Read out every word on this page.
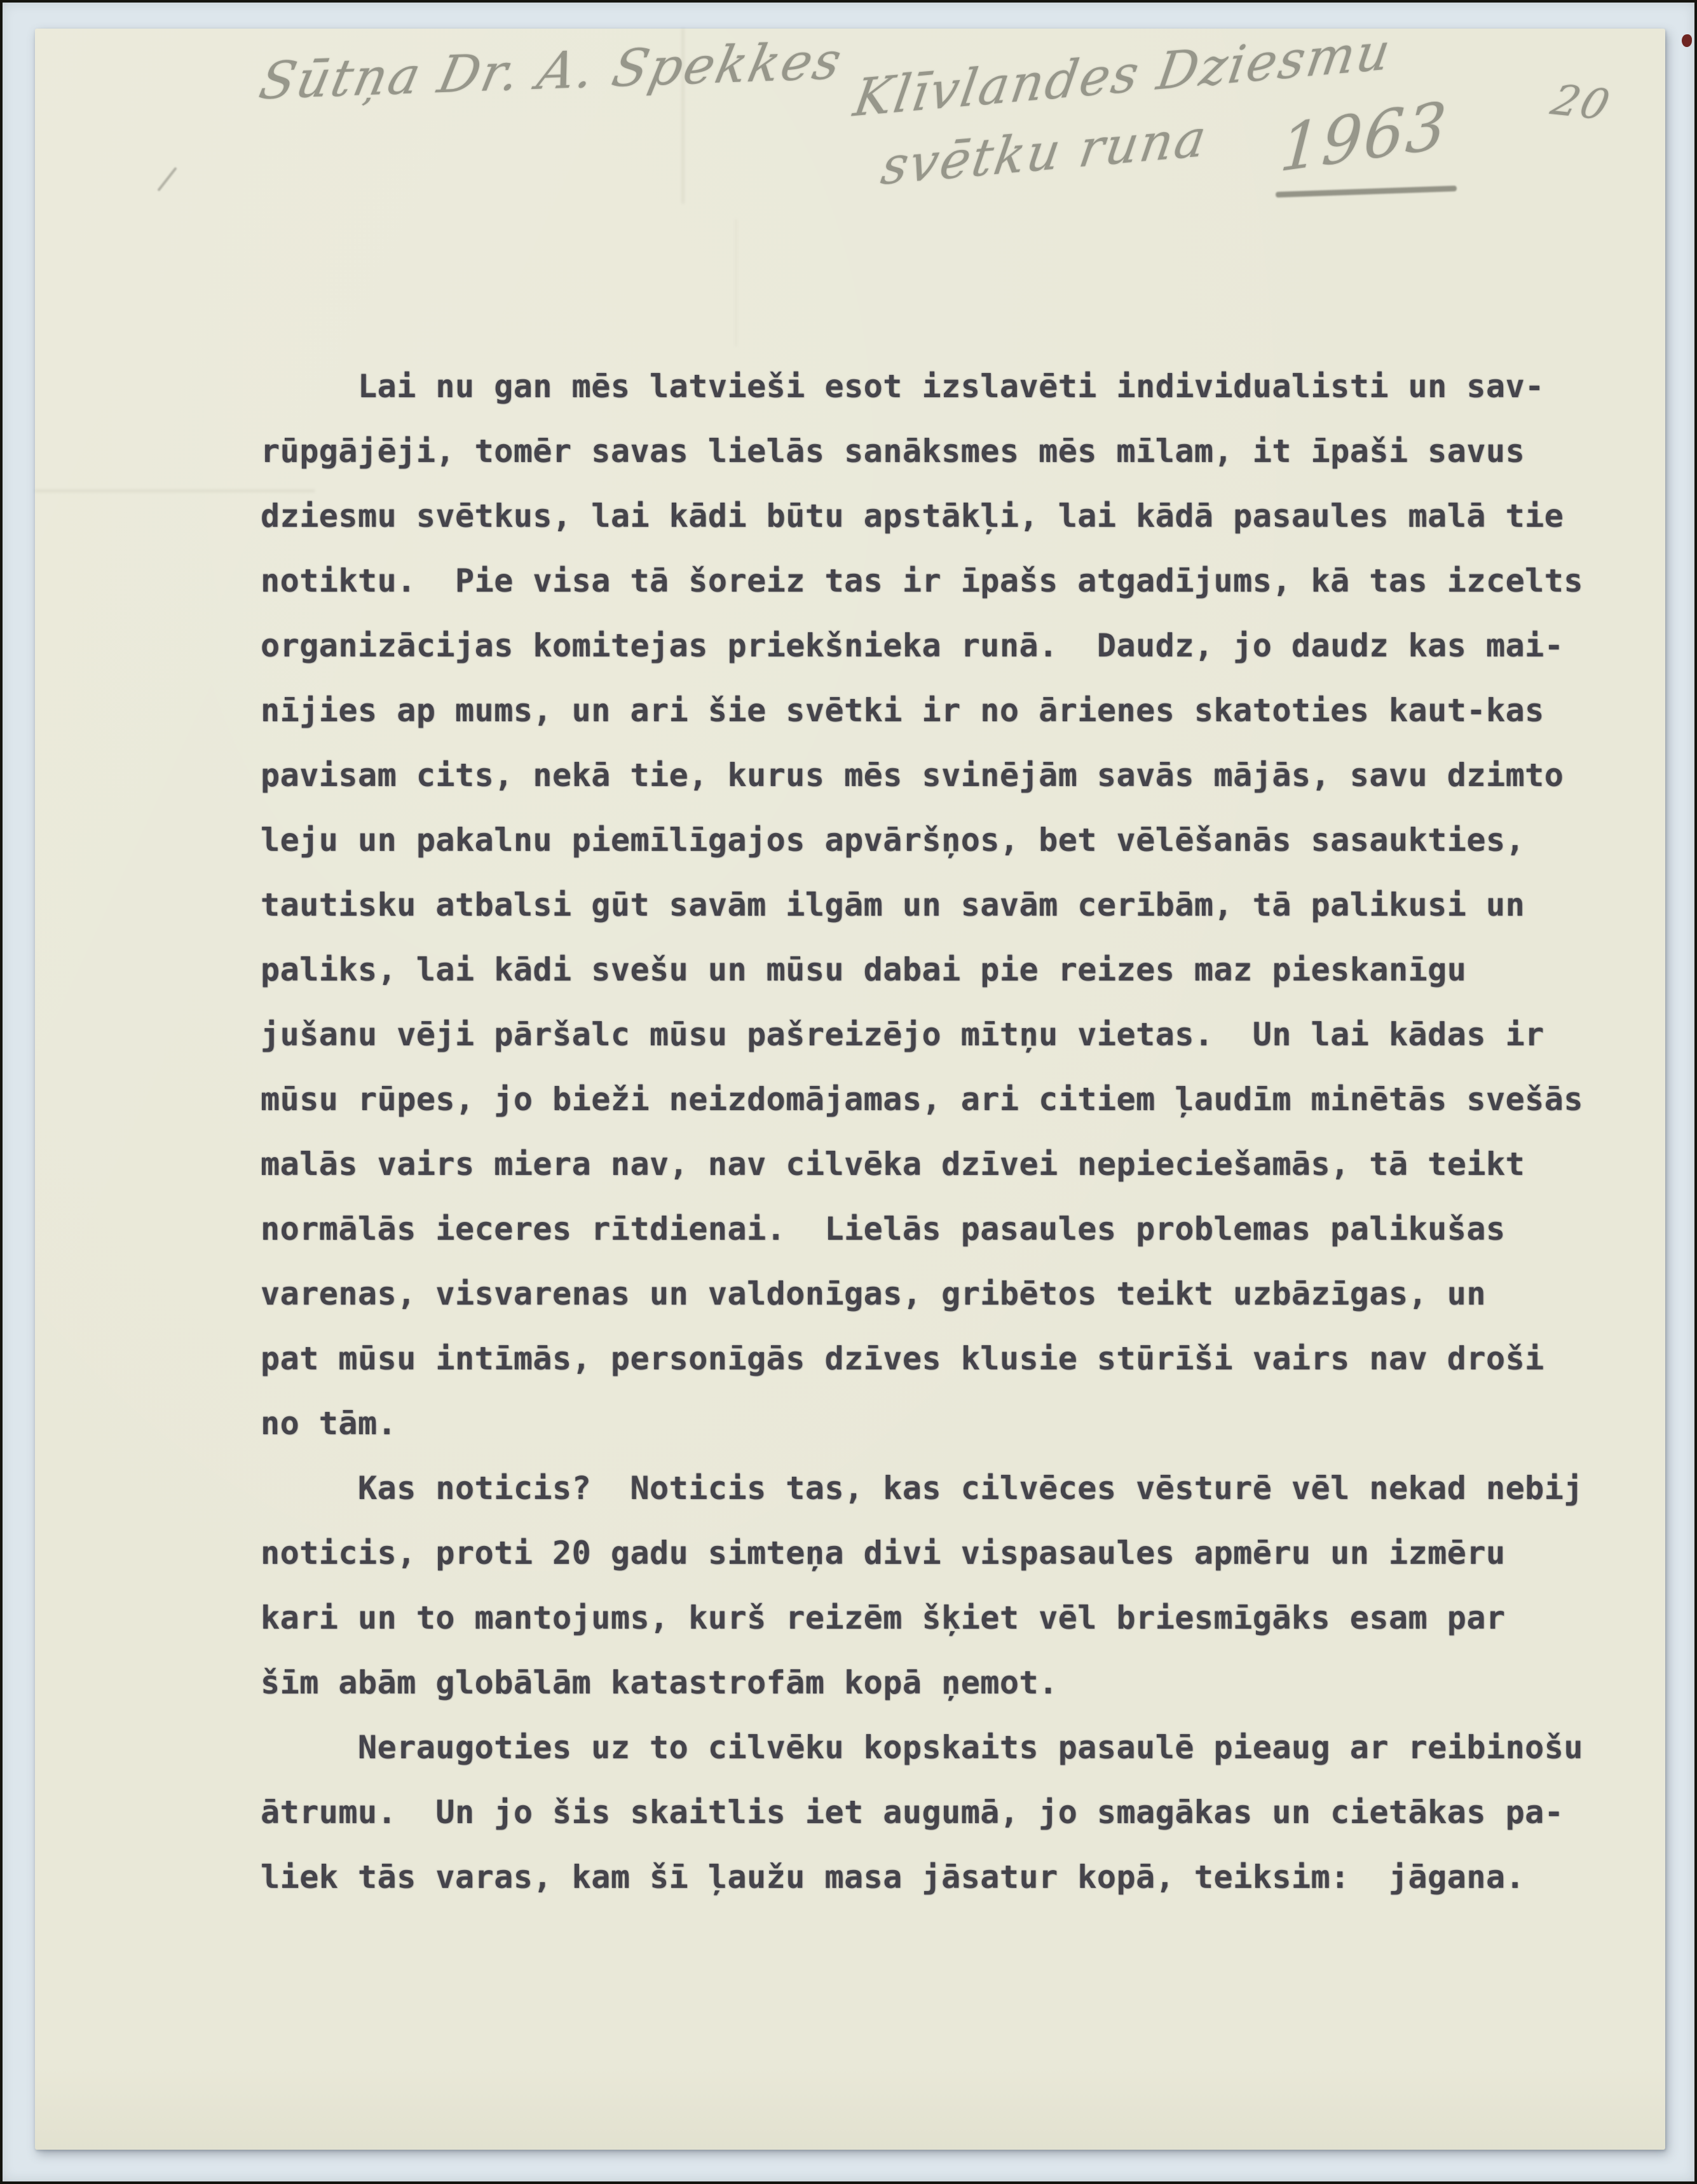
Sūtņa Dr. A. Spekkes Klīvlandes Dziesmu
svētku runa 1963 20
Lai nu gan mēs latvieši esot izslavēti individualisti un sav-
rūpgājēji, tomēr savas lielās sanāksmes mēs mīlam, it īpaši savus
dziesmu svētkus, lai kādi būtu apstākļi, lai kādā pasaules malā tie
notiktu.  Pie visa tā šoreiz tas ir īpašs atgadījums, kā tas izcelts
organizācijas komitejas priekšnieka runā.  Daudz, jo daudz kas mai-
nījies ap mums, un ari šie svētki ir no ārienes skatoties kaut-kas
pavisam cits, nekā tie, kurus mēs svinējām savās mājās, savu dzimto
leju un pakalnu piemīlīgajos apvāršņos, bet vēlēšanās sasaukties,
tautisku atbalsi gūt savām ilgām un savām cerībām, tā palikusi un
paliks, lai kādi svešu un mūsu dabai pie reizes maz pieskanīgu
jušanu vēji pāršalc mūsu pašreizējo mītņu vietas.  Un lai kādas ir
mūsu rūpes, jo bieži neizdomājamas, ari citiem ļaudīm minētās svešās
malās vairs miera nav, nav cilvēka dzīvei nepieciešamās, tā teikt
normālās ieceres rītdienai.  Lielās pasaules problemas palikušas
varenas, visvarenas un valdonīgas, gribētos teikt uzbāzīgas, un
pat mūsu intīmās, personīgās dzīves klusie stūrīši vairs nav droši
no tām.
Kas noticis?  Noticis tas, kas cilvēces vēsturē vēl nekad nebij
noticis, proti 20 gadu simteņa divi vispasaules apmēru un izmēru
kari un to mantojums, kurš reizēm šķiet vēl briesmīgāks esam par
šīm abām globālām katastrofām kopā ņemot.
Neraugoties uz to cilvēku kopskaits pasaulē pieaug ar reibinošu
ātrumu.  Un jo šis skaitlis iet augumā, jo smagākas un cietākas pa-
liek tās varas, kam šī ļaužu masa jāsatur kopā, teiksim:  jāgana.
